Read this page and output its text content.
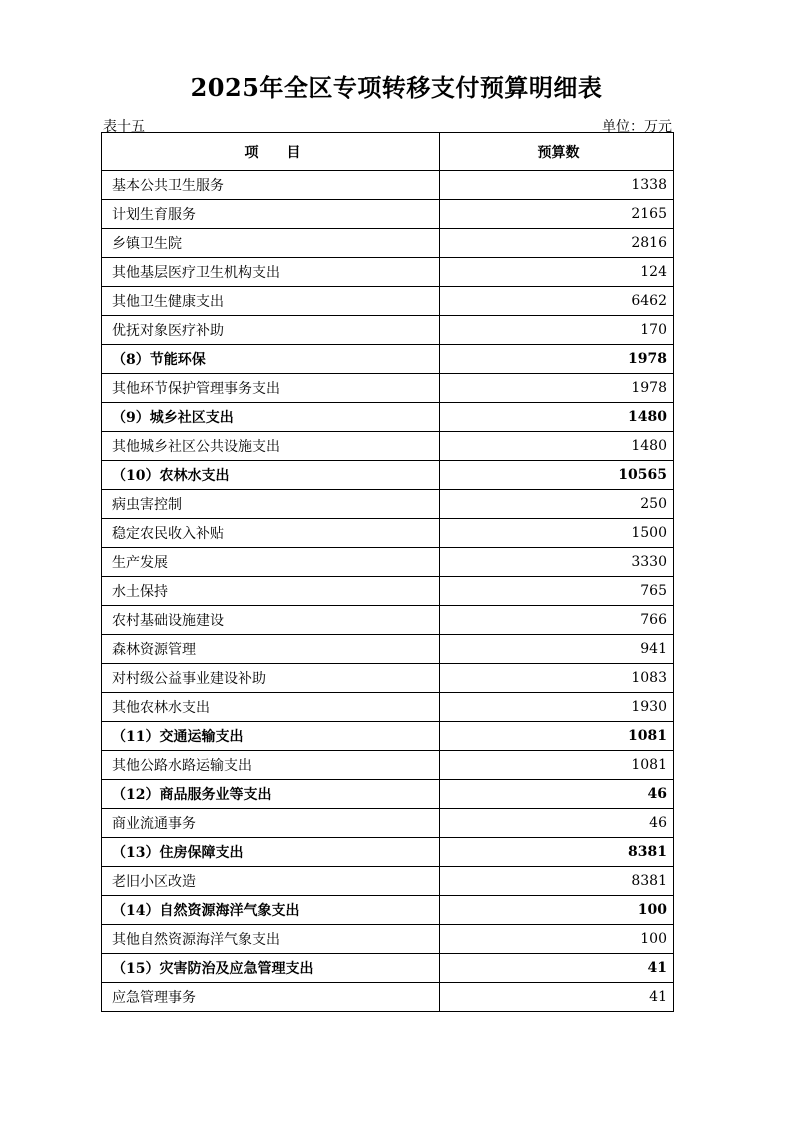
2025年全区专项转移支付预算明细表
表十五	单位：万元
项　　目	预算数
基本公共卫生服务	1338
计划生育服务	2165
乡镇卫生院	2816
其他基层医疗卫生机构支出	124
其他卫生健康支出	6462
优抚对象医疗补助	170
（8）节能环保	1978
其他环节保护管理事务支出	1978
（9）城乡社区支出	1480
其他城乡社区公共设施支出	1480
（10）农林水支出	10565
病虫害控制	250
稳定农民收入补贴	1500
生产发展	3330
水土保持	765
农村基础设施建设	766
森林资源管理	941
对村级公益事业建设补助	1083
其他农林水支出	1930
（11）交通运输支出	1081
其他公路水路运输支出	1081
（12）商品服务业等支出	46
商业流通事务	46
（13）住房保障支出	8381
老旧小区改造	8381
（14）自然资源海洋气象支出	100
其他自然资源海洋气象支出	100
（15）灾害防治及应急管理支出	41
应急管理事务	41
